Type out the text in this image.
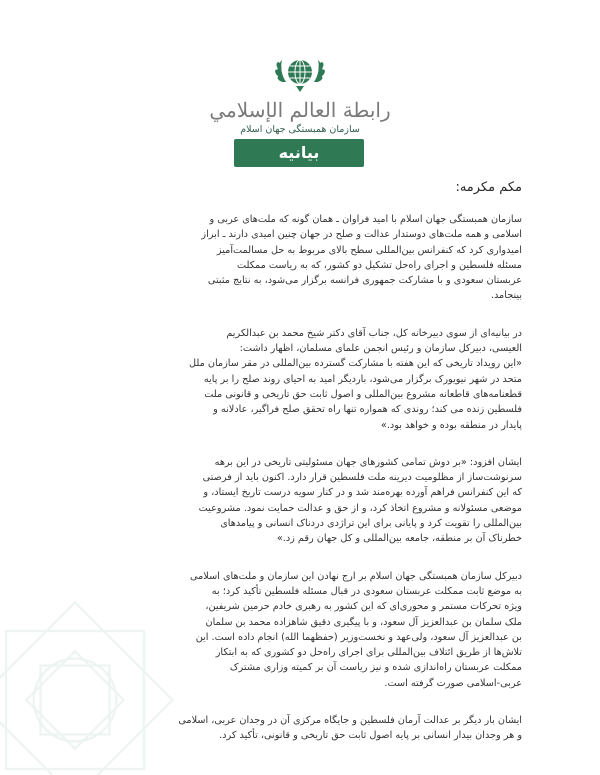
رابطة العالم الإسلامي
سازمان همبستگی جهان اسلام
بیانیه
مکم مکرمه:

سازمان همبستگی جهان اسلام با امید فراوان ـ همان گونه که ملت‌های عربی و
اسلامی و همه ملت‌های دوستدار عدالت و صلح در جهان چنین امیدی دارند ـ ابراز
امیدواری کرد که کنفرانس بین‌المللی سطح بالای مربوط به حل مسالمت‌آمیز
مسئله فلسطین و اجرای راه‌حل تشکیل دو کشور، که به ریاست ممکلت
عربستان سعودی و با مشارکت جمهوری فرانسه برگزار می‌شود، به نتایج مثبتی
بینجامد.

در بیانیه‌ای از سوی دبیرخانه کل، جناب آقای دکتر شیخ محمد بن عبدالکریم
العیسی، دبیرکل سازمان و رئیس انجمن علمای مسلمان، اظهار داشت:
«این رویداد تاریخی که این هفته با مشارکت گسترده بین‌المللی در مقر سازمان ملل
متحد در شهر نیویورک برگزار می‌شود، باردیگر امید به احیای روند صلح را بر پایه
قطعنامه‌های قاطعانه مشروع بین‌المللی و اصول ثابت حق تاریخی و قانونی ملت
فلسطین زنده می کند؛ روندی که همواره تنها راه تحقق صلح فراگیر، عادلانه و
پایدار در منطقه بوده و خواهد بود.»

ایشان افزود: «بر دوش تمامی کشورهای جهان مسئولیتی تاریخی در این برهه
سرنوشت‌ساز از مظلومیت دیرینه ملت فلسطین قرار دارد. اکنون باید از فرصتی
که این کنفرانس فراهم آورده بهره‌مند شد و در کنار سویه درست تاریخ ایستاد، و
موضعی مسئولانه و مشروع اتخاذ کرد، و از حق و عدالت حمایت نمود. مشروعیت
بین‌المللی را تقویت کرد و پایانی برای این تراژدی دردناک انسانی و پیامدهای
خطرناک آن بر منطقه، جامعه بین‌المللی و کل جهان رقم زد.»

دبیرکل سازمان همبستگی جهان اسلام بر ارج نهادن این سازمان و ملت‌های اسلامی
به موضع ثابت ممکلت عربستان سعودی در قبال مسئله فلسطین تأکید کرد؛ به
ویژه تحرکات مستمر و محوری‌ای که این کشور به رهبری خادم حرمین شریفین،
ملک سلمان بن عبدالعزیز آل سعود، و با پیگیری دقیق شاهزاده محمد بن سلمان
بن عبدالعزیز آل سعود، ولی‌عهد و نخست‌وزیر (حفظهما الله) انجام داده است. این
تلاش‌ها از طریق ائتلاف بین‌المللی برای اجرای راه‌حل دو کشوری که به ابتکار
ممکلت عربستان راه‌اندازی شده و نیز ریاست آن بر کمیته وزاری مشترک
عربی-اسلامی صورت گرفته است.

ایشان بار دیگر بر عدالت آرمان فلسطین و جایگاه مرکزی آن در وجدان عربی، اسلامی
و هر وجدان بیدار انسانی بر پایه اصول ثابت حق تاریخی و قانونی، تأکید کرد.
